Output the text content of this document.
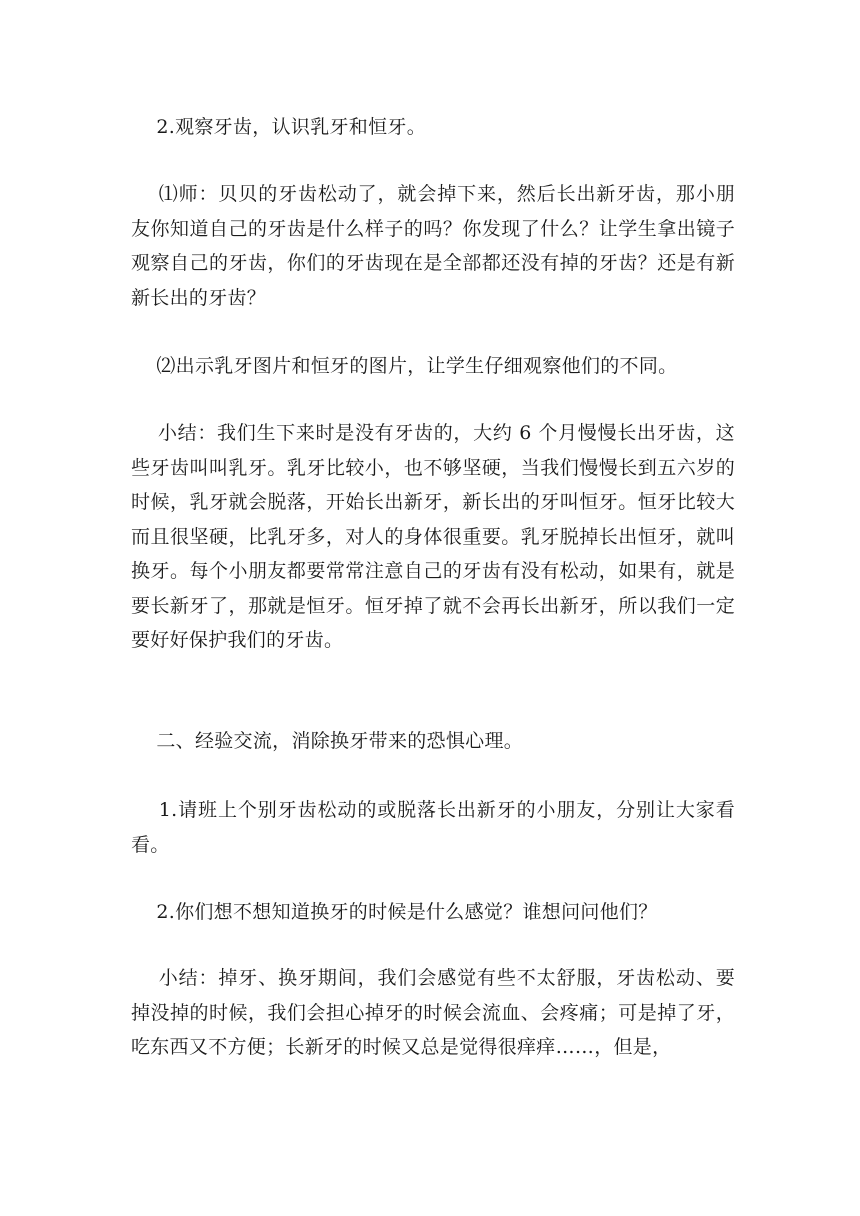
2.观察牙齿，认识乳牙和恒牙。

⑴师：贝贝的牙齿松动了，就会掉下来，然后长出新牙齿，那小朋友你知道自己的牙齿是什么样子的吗？你发现了什么？让学生拿出镜子观察自己的牙齿，你们的牙齿现在是全部都还没有掉的牙齿？还是有新新长出的牙齿？

⑵出示乳牙图片和恒牙的图片，让学生仔细观察他们的不同。

小结：我们生下来时是没有牙齿的，大约 6 个月慢慢长出牙齿，这些牙齿叫叫乳牙。乳牙比较小，也不够坚硬，当我们慢慢长到五六岁的时候，乳牙就会脱落，开始长出新牙，新长出的牙叫恒牙。恒牙比较大而且很坚硬，比乳牙多，对人的身体很重要。乳牙脱掉长出恒牙，就叫换牙。每个小朋友都要常常注意自己的牙齿有没有松动，如果有，就是要长新牙了，那就是恒牙。恒牙掉了就不会再长出新牙，所以我们一定要好好保护我们的牙齿。

二、经验交流，消除换牙带来的恐惧心理。

1.请班上个别牙齿松动的或脱落长出新牙的小朋友，分别让大家看看。

2.你们想不想知道换牙的时候是什么感觉？谁想问问他们？

小结：掉牙、换牙期间，我们会感觉有些不太舒服，牙齿松动、要掉没掉的时候，我们会担心掉牙的时候会流血、会疼痛；可是掉了牙，吃东西又不方便；长新牙的时候又总是觉得很痒痒……，但是，
